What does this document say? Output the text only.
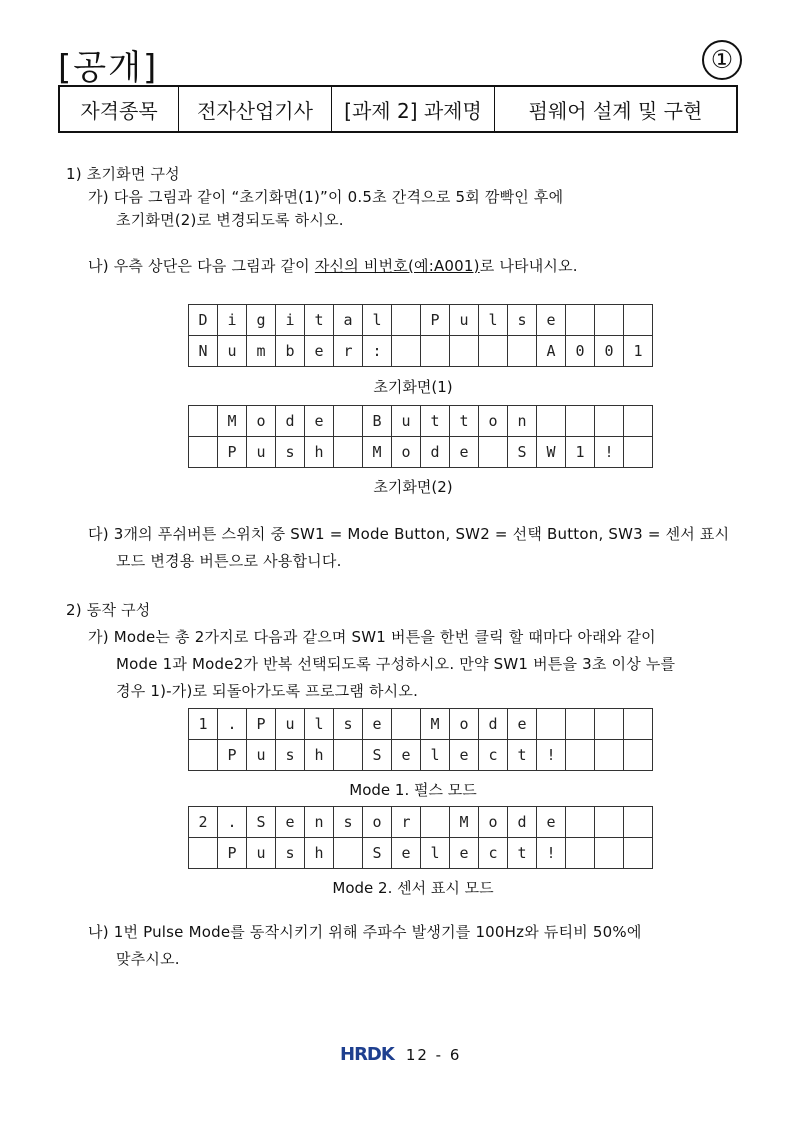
[공개]	①
자격종목	전자산업기사	[과제 2] 과제명	펌웨어 설계 및 구현
1) 초기화면 구성
가) 다음 그림과 같이 “초기화면(1)”이 0.5초 간격으로 5회 깜빡인 후에
초기화면(2)로 변경되도록 하시오.
나) 우측 상단은 다음 그림과 같이 자신의 비번호(예:A001)로 나타내시오.
D	i	g	i	t	a	l		P	u	l	s	e			
N	u	m	b	e	r	:						A	0	0	1
초기화면(1)
	M	o	d	e		B	u	t	t	o	n				
	P	u	s	h		M	o	d	e		S	W	1	!	
초기화면(2)
다) 3개의 푸쉬버튼 스위치 중 SW1 = Mode Button, SW2 = 선택 Button, SW3 = 센서 표시
모드 변경용 버튼으로 사용합니다.
2) 동작 구성
가) Mode는 총 2가지로 다음과 같으며 SW1 버튼을 한번 클릭 할 때마다 아래와 같이
Mode 1과 Mode2가 반복 선택되도록 구성하시오. 만약 SW1 버튼을 3초 이상 누를
경우 1)-가)로 되돌아가도록 프로그램 하시오.
1	.	P	u	l	s	e		M	o	d	e				
	P	u	s	h		S	e	l	e	c	t	!			
Mode 1. 펄스 모드
2	.	S	e	n	s	o	r		M	o	d	e			
	P	u	s	h		S	e	l	e	c	t	!			
Mode 2. 센서 표시 모드
나) 1번 Pulse Mode를 동작시키기 위해 주파수 발생기를 100Hz와 듀티비 50%에
맞추시오.
HRDK 12 - 6
